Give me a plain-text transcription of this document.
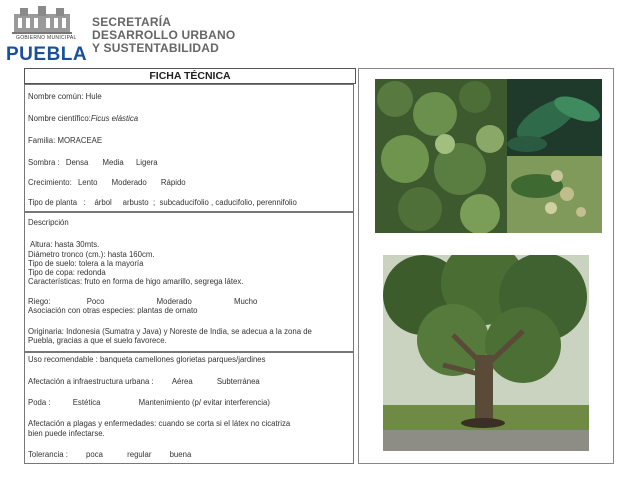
GOBIERNO MUNICIPAL
PUEBLA
SECRETARÍA
DESARROLLO URBANO
Y SUSTENTABILIDAD
FICHA TÉCNICA
Nombre común: Hule
Nombre científico:Ficus elástica
Familia: MORACEAE
Sombra : Densa Media Ligera
Crecimiento: Lento Moderado Rápido
Tipo de planta   :    árbol     arbusto  ;  subcaducifolio , caducifolio, perennifolio
Descripción
Altura: hasta 30mts.
Diámetro tronco (cm.): hasta 160cm.
Tipo de suelo: tolera a la mayoría
Tipo de copa: redonda
Características: fruto en forma de higo amarillo, segrega látex.
Riego:	Poco	Moderado	Mucho
Asociación con otras especies: plantas de ornato
Originaria: Indonesia (Sumatra y Java) y Noreste de India, se adecua a la zona de
Puebla, gracias a que el suelo favorece.
Uso recomendable : banqueta camellones glorietas parques/jardines
Afectación a infraestructura urbana : Aérea	Subterránea
Poda :	Estética	Mantenimiento (p/ evitar interferencia)
Afectación a plagas y enfermedades: cuando se corta si el látex no cicatriza
bien puede infectarse.
Tolerancia : poca	regular buena
